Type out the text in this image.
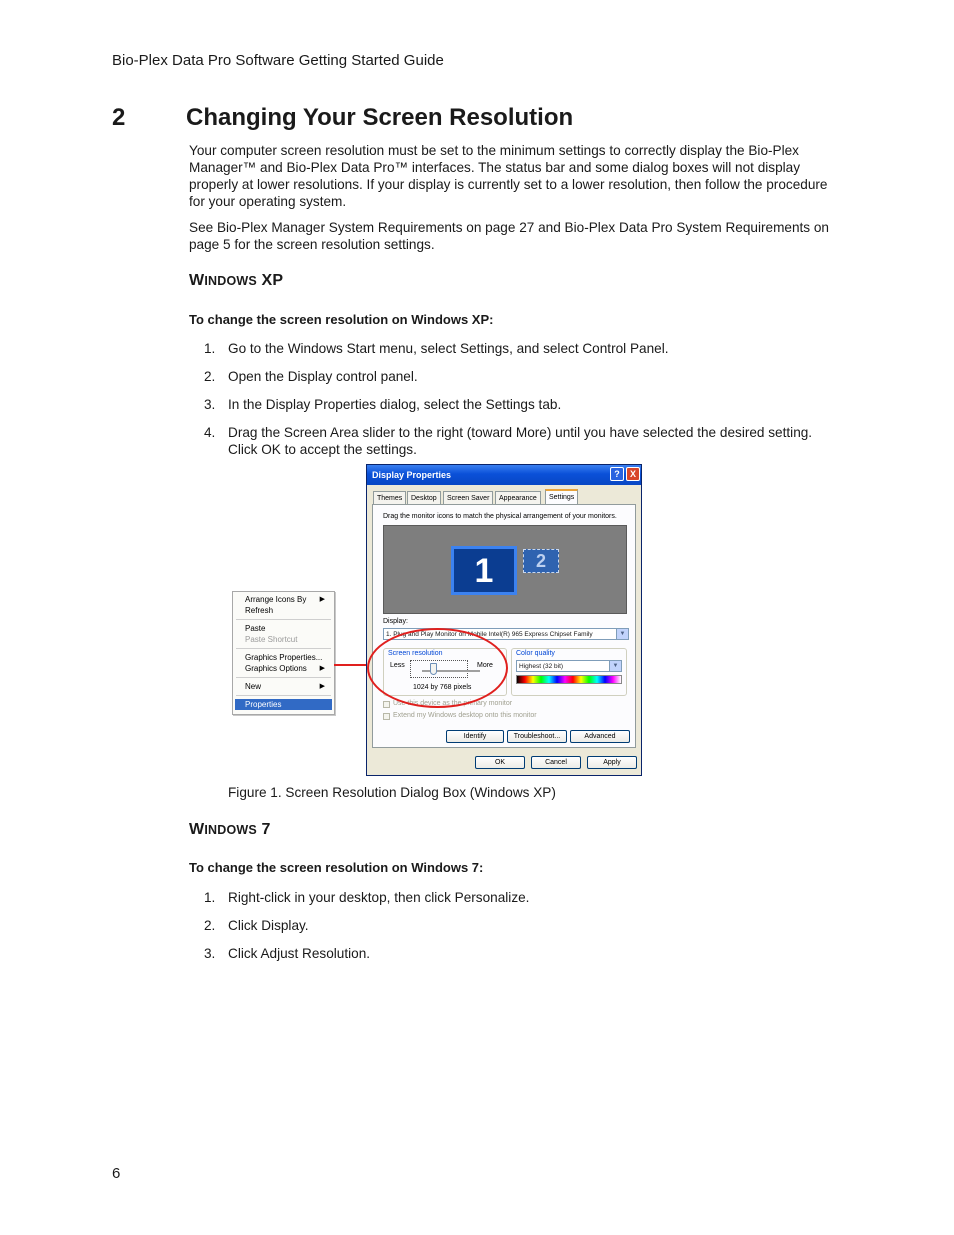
Bio-Plex Data Pro Software Getting Started Guide
2	Changing Your Screen Resolution

Your computer screen resolution must be set to the minimum settings to correctly display the Bio-Plex Manager™ and Bio-Plex Data Pro™ interfaces. The status bar and some dialog boxes will not display properly at lower resolutions. If your display is currently set to a lower resolution, then follow the procedure for your operating system.

See Bio-Plex Manager System Requirements on page 27 and Bio-Plex Data Pro System Requirements on page 5 for the screen resolution settings.

WINDOWS XP
To change the screen resolution on Windows XP:
1. Go to the Windows Start menu, select Settings, and select Control Panel.
2. Open the Display control panel.
3. In the Display Properties dialog, select the Settings tab.
4. Drag the Screen Area slider to the right (toward More) until you have selected the desired setting. Click OK to accept the settings.
Arrange Icons By ▶
Refresh
Paste
Paste Shortcut
Graphics Properties...
Graphics Options ▶
New	▶
Properties
Display Properties	?	X
Themes	Desktop	Screen Saver	Appearance	Settings
Drag the monitor icons to match the physical arrangement of your monitors.
1	2
Display:
1. Plug and Play Monitor on Mobile Intel(R) 965 Express Chipset Family	▼
Screen resolution
Less	More
1024 by 768 pixels
Color quality
Highest (32 bit)	▼
Use this device as the primary monitor
Extend my Windows desktop onto this monitor
Identify	Troubleshoot...	Advanced
OK	Cancel	Apply
Figure 1. Screen Resolution Dialog Box (Windows XP)
WINDOWS 7
To change the screen resolution on Windows 7:
1. Right-click in your desktop, then click Personalize.
2. Click Display.
3. Click Adjust Resolution.
6
